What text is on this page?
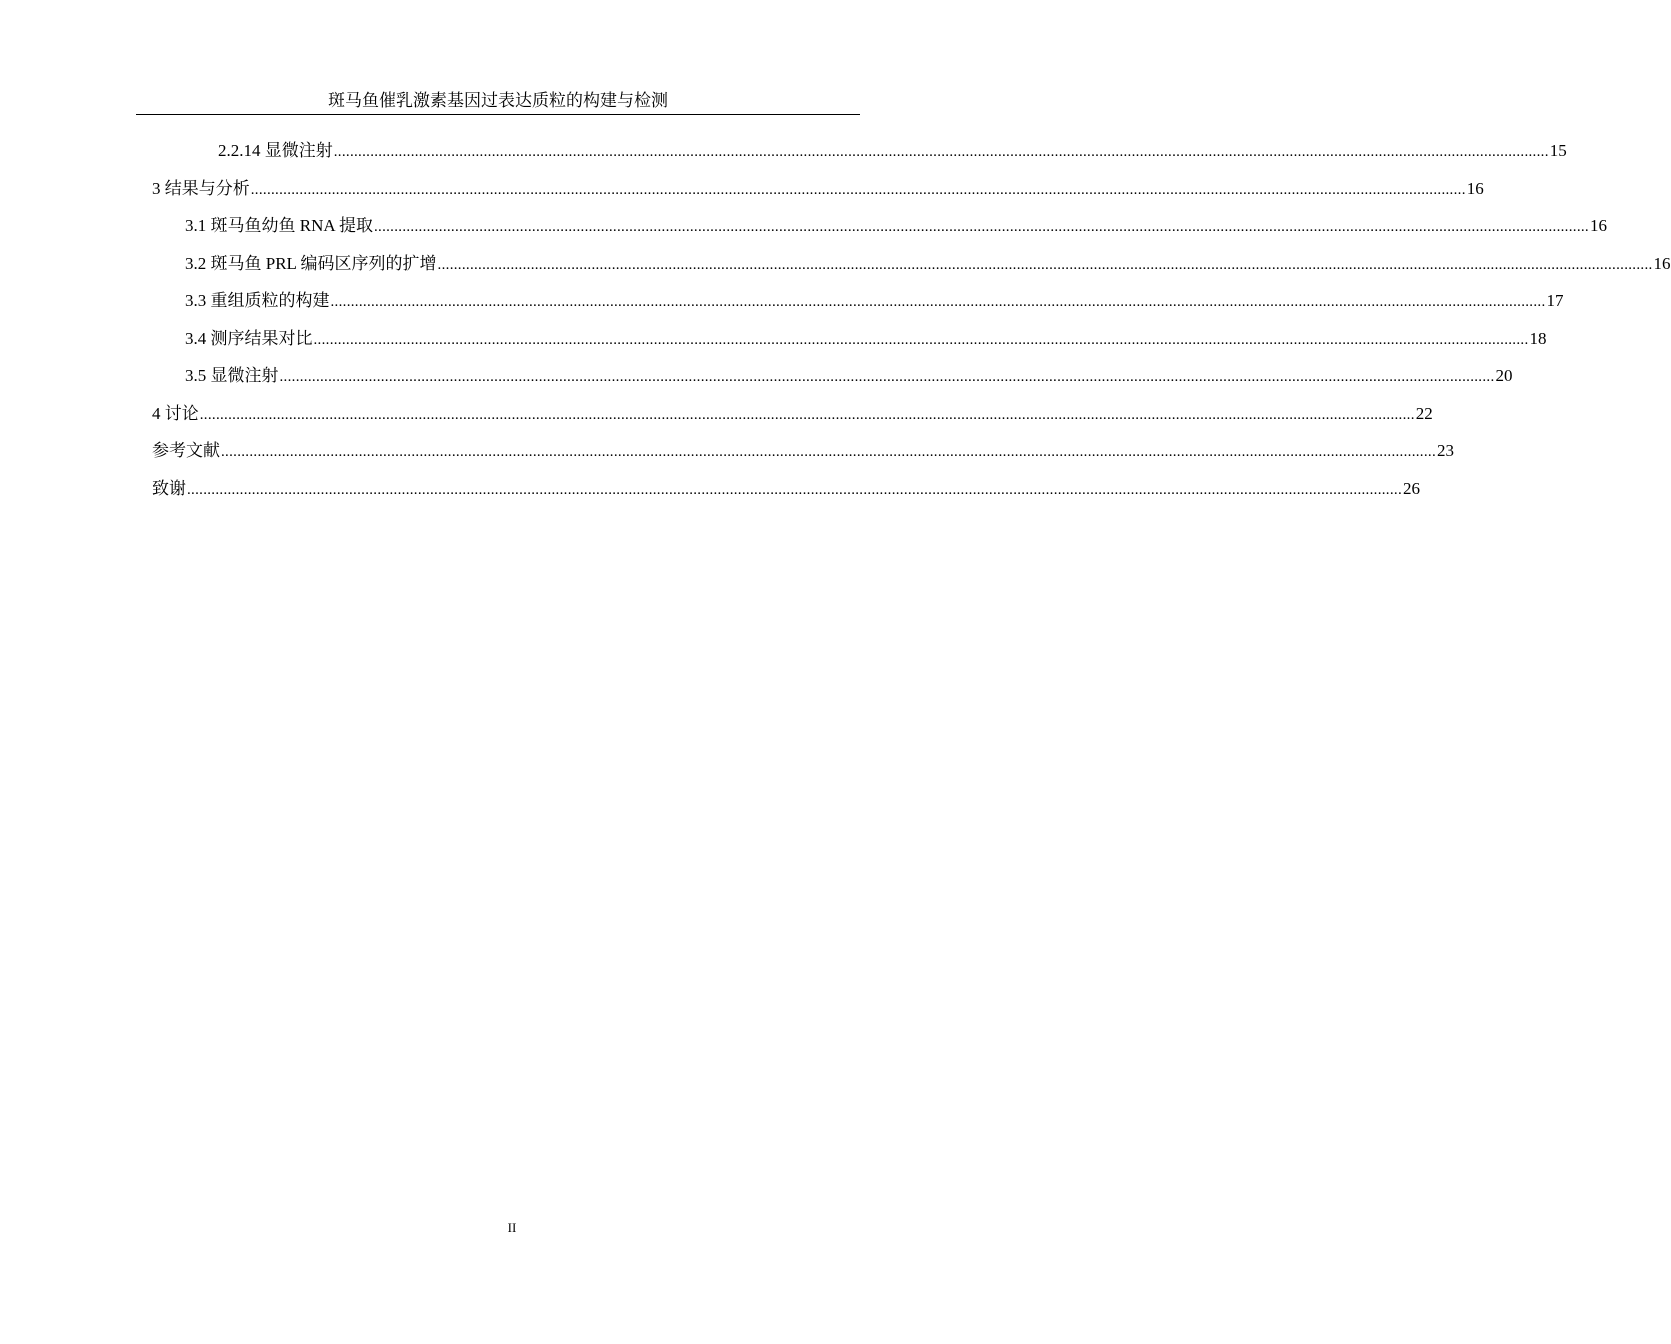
斑马鱼催乳激素基因过表达质粒的构建与检测
2.2.14 显微注射 ............................................................................................................................................................................................................................................................................................................ 15
3 结果与分析 ............................................................................................................................................................................................................................................................................................................ 16
3.1 斑马鱼幼鱼 RNA 提取 ............................................................................................................................................................................................................................................................................................................ 16
3.2 斑马鱼 PRL 编码区序列的扩增 ............................................................................................................................................................................................................................................................................................................ 16
3.3 重组质粒的构建 ............................................................................................................................................................................................................................................................................................................ 17
3.4 测序结果对比 ............................................................................................................................................................................................................................................................................................................ 18
3.5 显微注射 ............................................................................................................................................................................................................................................................................................................ 20
4 讨论 ............................................................................................................................................................................................................................................................................................................ 22
参考文献 ............................................................................................................................................................................................................................................................................................................ 23
致谢 ............................................................................................................................................................................................................................................................................................................ 26
II
